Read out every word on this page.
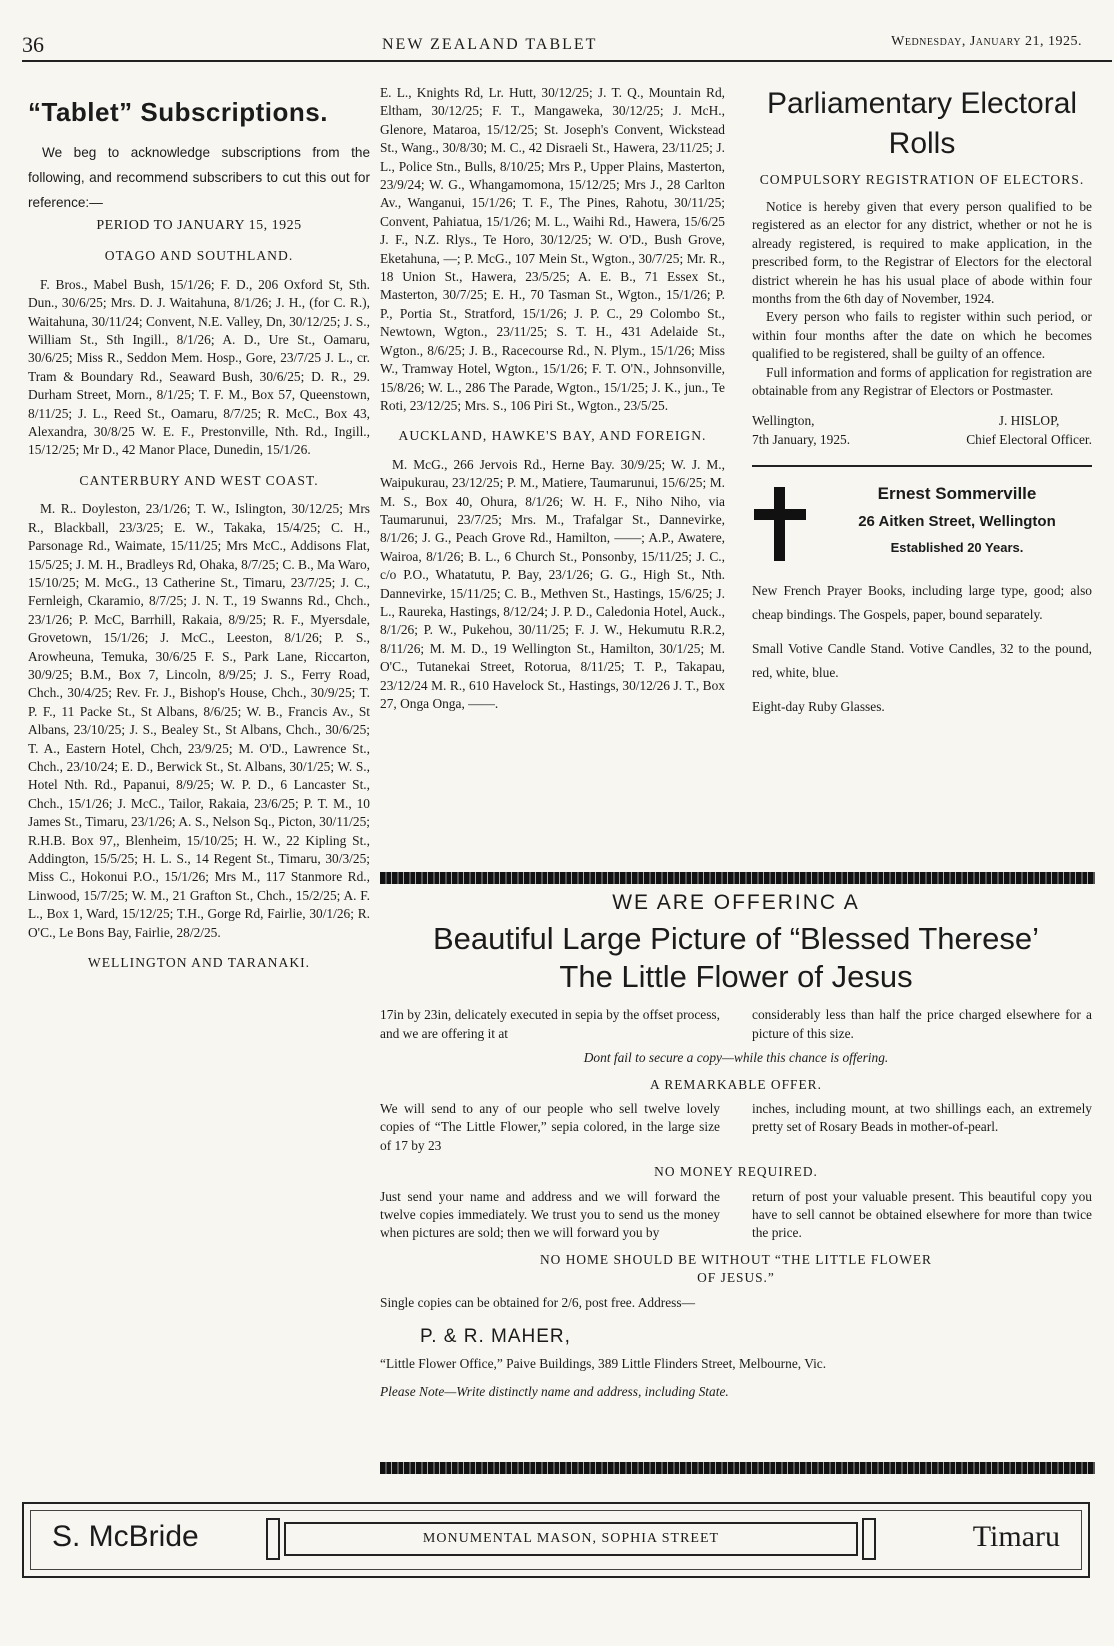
36	NEW ZEALAND TABLET	Wednesday, January 21, 1925.
“Tablet” Subscriptions.

We beg to acknowledge subscriptions from the following, and recommend subscribers to cut this out for reference:—

PERIOD TO JANUARY 15, 1925
OTAGO AND SOUTHLAND.

F. Bros., Mabel Bush, 15/1/26; F. D., 206 Oxford St, Sth. Dun., 30/6/25; Mrs. D. J. Waitahuna, 8/1/26; J. H., (for C. R.), Waitahuna, 30/11/24; Convent, N.E. Valley, Dn, 30/12/25; J. S., William St., Sth Ingill., 8/1/26; A. D., Ure St., Oamaru, 30/6/25; Miss R., Seddon Mem. Hosp., Gore, 23/7/25 J. L., cr. Tram & Boundary Rd., Seaward Bush, 30/6/25; D. R., 29. Durham Street, Morn., 8/1/25; T. F. M., Box 57, Queenstown, 8/11/25; J. L., Reed St., Oamaru, 8/7/25; R. McC., Box 43, Alexandra, 30/8/25 W. E. F., Prestonville, Nth. Rd., Ingill., 15/12/25; Mr D., 42 Manor Place, Dunedin, 15/1/26.

CANTERBURY AND WEST COAST.

M. R.. Doyleston, 23/1/26; T. W., Islington, 30/12/25; Mrs R., Blackball, 23/3/25; E. W., Takaka, 15/4/25; C. H., Parsonage Rd., Waimate, 15/11/25; Mrs McC., Addisons Flat, 15/5/25; J. M. H., Bradleys Rd, Ohaka, 8/7/25; C. B., Ma Waro, 15/10/25; M. McG., 13 Catherine St., Timaru, 23/7/25; J. C., Fernleigh, Ckaramio, 8/7/25; J. N. T., 19 Swanns Rd., Chch., 23/1/26; P. McC, Barrhill, Rakaia, 8/9/25; R. F., Myersdale, Grovetown, 15/1/26; J. McC., Leeston, 8/1/26; P. S., Arowheuna, Temuka, 30/6/25 F. S., Park Lane, Riccarton, 30/9/25; B.M., Box 7, Lincoln, 8/9/25; J. S., Ferry Road, Chch., 30/4/25; Rev. Fr. J., Bishop's House, Chch., 30/9/25; T. P. F., 11 Packe St., St Albans, 8/6/25; W. B., Francis Av., St Albans, 23/10/25; J. S., Bealey St., St Albans, Chch., 30/6/25; T. A., Eastern Hotel, Chch, 23/9/25; M. O'D., Lawrence St., Chch., 23/10/24; E. D., Berwick St., St. Albans, 30/1/25; W. S., Hotel Nth. Rd., Papanui, 8/9/25; W. P. D., 6 Lancaster St., Chch., 15/1/26; J. McC., Tailor, Rakaia, 23/6/25; P. T. M., 10 James St., Timaru, 23/1/26; A. S., Nelson Sq., Picton, 30/11/25; R.H.B. Box 97,, Blenheim, 15/10/25; H. W., 22 Kipling St., Addington, 15/5/25; H. L. S., 14 Regent St., Timaru, 30/3/25; Miss C., Hokonui P.O., 15/1/26; Mrs M., 117 Stanmore Rd., Linwood, 15/7/25; W. M., 21 Grafton St., Chch., 15/2/25; A. F. L., Box 1, Ward, 15/12/25; T.H., Gorge Rd, Fairlie, 30/1/26; R. O'C., Le Bons Bay, Fairlie, 28/2/25.

WELLINGTON AND TARANAKI.

E. L., Knights Rd, Lr. Hutt, 30/12/25; J. T. Q., Mountain Rd, Eltham, 30/12/25; F. T., Mangaweka, 30/12/25; J. McH., Glenore, Mataroa, 15/12/25; St. Joseph's Convent, Wickstead St., Wang., 30/8/30; M. C., 42 Disraeli St., Hawera, 23/11/25; J. L., Police Stn., Bulls, 8/10/25; Mrs P., Upper Plains, Masterton, 23/9/24; W. G., Whangamomona, 15/12/25; Mrs J., 28 Carlton Av., Wanganui, 15/1/26; T. F., The Pines, Rahotu, 30/11/25; Convent, Pahiatua, 15/1/26; M. L., Waihi Rd., Hawera, 15/6/25 J. F., N.Z. Rlys., Te Horo, 30/12/25; W. O'D., Bush Grove, Eketahuna, —; P. McG., 107 Mein St., Wgton., 30/7/25; Mr. R., 18 Union St., Hawera, 23/5/25; A. E. B., 71 Essex St., Masterton, 30/7/25; E. H., 70 Tasman St., Wgton., 15/1/26; P. P., Portia St., Stratford, 15/1/26; J. P. C., 29 Colombo St., Newtown, Wgton., 23/11/25; S. T. H., 431 Adelaide St., Wgton., 8/6/25; J. B., Racecourse Rd., N. Plym., 15/1/26; Miss W., Tramway Hotel, Wgton., 15/1/26; F. T. O'N., Johnsonville, 15/8/26; W. L., 286 The Parade, Wgton., 15/1/25; J. K., jun., Te Roti, 23/12/25; Mrs. S., 106 Piri St., Wgton., 23/5/25.

AUCKLAND, HAWKE'S BAY, AND FOREIGN.

M. McG., 266 Jervois Rd., Herne Bay. 30/9/25; W. J. M., Waipukurau, 23/12/25; P. M., Matiere, Taumarunui, 15/6/25; M. M. S., Box 40, Ohura, 8/1/26; W. H. F., Niho Niho, via Taumarunui, 23/7/25; Mrs. M., Trafalgar St., Dannevirke, 8/1/26; J. G., Peach Grove Rd., Hamilton, ——; A.P., Awatere, Wairoa, 8/1/26; B. L., 6 Church St., Ponsonby, 15/11/25; J. C., c/o P.O., Whatatutu, P. Bay, 23/1/26; G. G., High St., Nth. Dannevirke, 15/11/25; C. B., Methven St., Hastings, 15/6/25; J. L., Raureka, Hastings, 8/12/24; J. P. D., Caledonia Hotel, Auck., 8/1/26; P. W., Pukehou, 30/11/25; F. J. W., Hekumutu R.R.2, 8/11/26; M. M. D., 19 Wellington St., Hamilton, 30/1/25; M. O'C., Tutanekai Street, Rotorua, 8/11/25; T. P., Takapau, 23/12/24 M. R., 610 Havelock St., Hastings, 30/12/26 J. T., Box 27, Onga Onga, ——.

Parliamentary Electoral Rolls
COMPULSORY REGISTRATION OF ELECTORS.

Notice is hereby given that every person qualified to be registered as an elector for any district, whether or not he is already registered, is required to make application, in the prescribed form, to the Registrar of Electors for the electoral district wherein he has his usual place of abode within four months from the 6th day of November, 1924.

Every person who fails to register within such period, or within four months after the date on which he becomes qualified to be registered, shall be guilty of an offence.

Full information and forms of application for registration are obtainable from any Registrar of Electors or Postmaster.

Wellington,
7th January, 1925.
J. HISLOP,
Chief Electoral Officer.
Ernest Sommerville
26 Aitken Street, Wellington
Established 20 Years.

New French Prayer Books, including large type, good; also cheap bindings. The Gospels, paper, bound separately.

Small Votive Candle Stand. Votive Candles, 32 to the pound, red, white, blue.

Eight-day Ruby Glasses.

WE ARE OFFERINC A
Beautiful Large Picture of “Blessed Therese’
The Little Flower of Jesus

17in by 23in, delicately executed in sepia by the offset process, and we are offering it at

considerably less than half the price charged elsewhere for a picture of this size.

Dont fail to secure a copy—while this chance is offering.
A REMARKABLE OFFER.

We will send to any of our people who sell twelve lovely copies of “The Little Flower,” sepia colored, in the large size of 17 by 23

inches, including mount, at two shillings each, an extremely pretty set of Rosary Beads in mother-of-pearl.

NO MONEY REQUIRED.

Just send your name and address and we will forward the twelve copies immediately. We trust you to send us the money when pictures are sold; then we will forward you by

return of post your valuable present. This beautiful copy you have to sell cannot be obtained elsewhere for more than twice the price.

NO HOME SHOULD BE WITHOUT “THE LITTLE FLOWER OF JESUS.”
Single copies can be obtained for 2/6, post free. Address—
P. & R. MAHER,
“Little Flower Office,” Paive Buildings, 389 Little Flinders Street, Melbourne, Vic.
Please Note—Write distinctly name and address, including State.
S. McBride	MONUMENTAL MASON, SOPHIA STREET	Timaru
